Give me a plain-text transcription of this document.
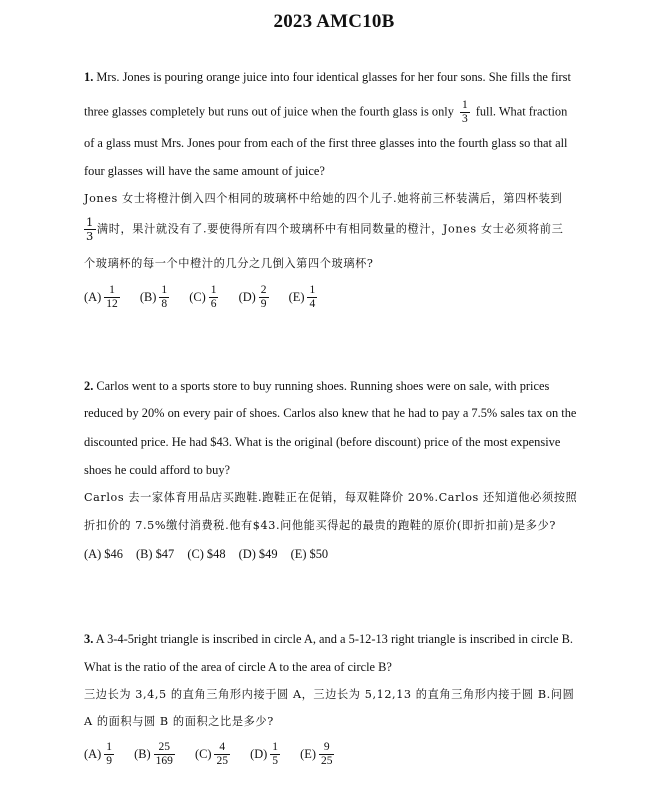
2023 AMC10B
1. Mrs. Jones is pouring orange juice into four identical glasses for her four sons. She fills the first
three glasses completely but runs out of juice when the fourth glass is only $\frac{1}{3}$ full. What fraction
of a glass must Mrs. Jones pour from each of the first three glasses into the fourth glass so that all
four glasses will have the same amount of juice?
Jones 女士将橙汁倒入四个相同的玻璃杯中给她的四个儿子.她将前三杯装满后，第四杯装到
$\frac{1}{3}$ 满时，果汁就没有了.要使得所有四个玻璃杯中有相同数量的橙汁，Jones 女士必须将前三
个玻璃杯的每一个中橙汁的几分之几倒入第四个玻璃杯?
$(A) \frac{1}{12} (B) \frac{1}{8} (C) \frac{1}{6} (D) \frac{2}{9} (E) \frac{1}{4}$
2. Carlos went to a sports store to buy running shoes. Running shoes were on sale, with prices
reduced by 20% on every pair of shoes. Carlos also knew that he had to pay a 7.5% sales tax on the
discounted price. He had $43. What is the original (before discount) price of the most expensive
shoes he could afford to buy?
Carlos 去一家体育用品店买跑鞋.跑鞋正在促销，每双鞋降价 20%.Carlos 还知道他必须按照
折扣价的 7.5%缴付消费税.他有$43.问他能买得起的最贵的跑鞋的原价(即折扣前)是多少?
(A) $46 (B) $47 (C) $48 (D) $49 (E) $50
3. A 3-4-5right triangle is inscribed in circle A, and a 5-12-13 right triangle is inscribed in circle B.
What is the ratio of the area of circle A to the area of circle B?
三边长为 3,4,5 的直角三角形内接于圆 A，三边长为 5,12,13 的直角三角形内接于圆 B.问圆
A 的面积与圆 B 的面积之比是多少?
$(A) \frac{1}{9} (B) \frac{25}{169} (C) \frac{4}{25} (D) \frac{1}{5} (E) \frac{9}{25}$
